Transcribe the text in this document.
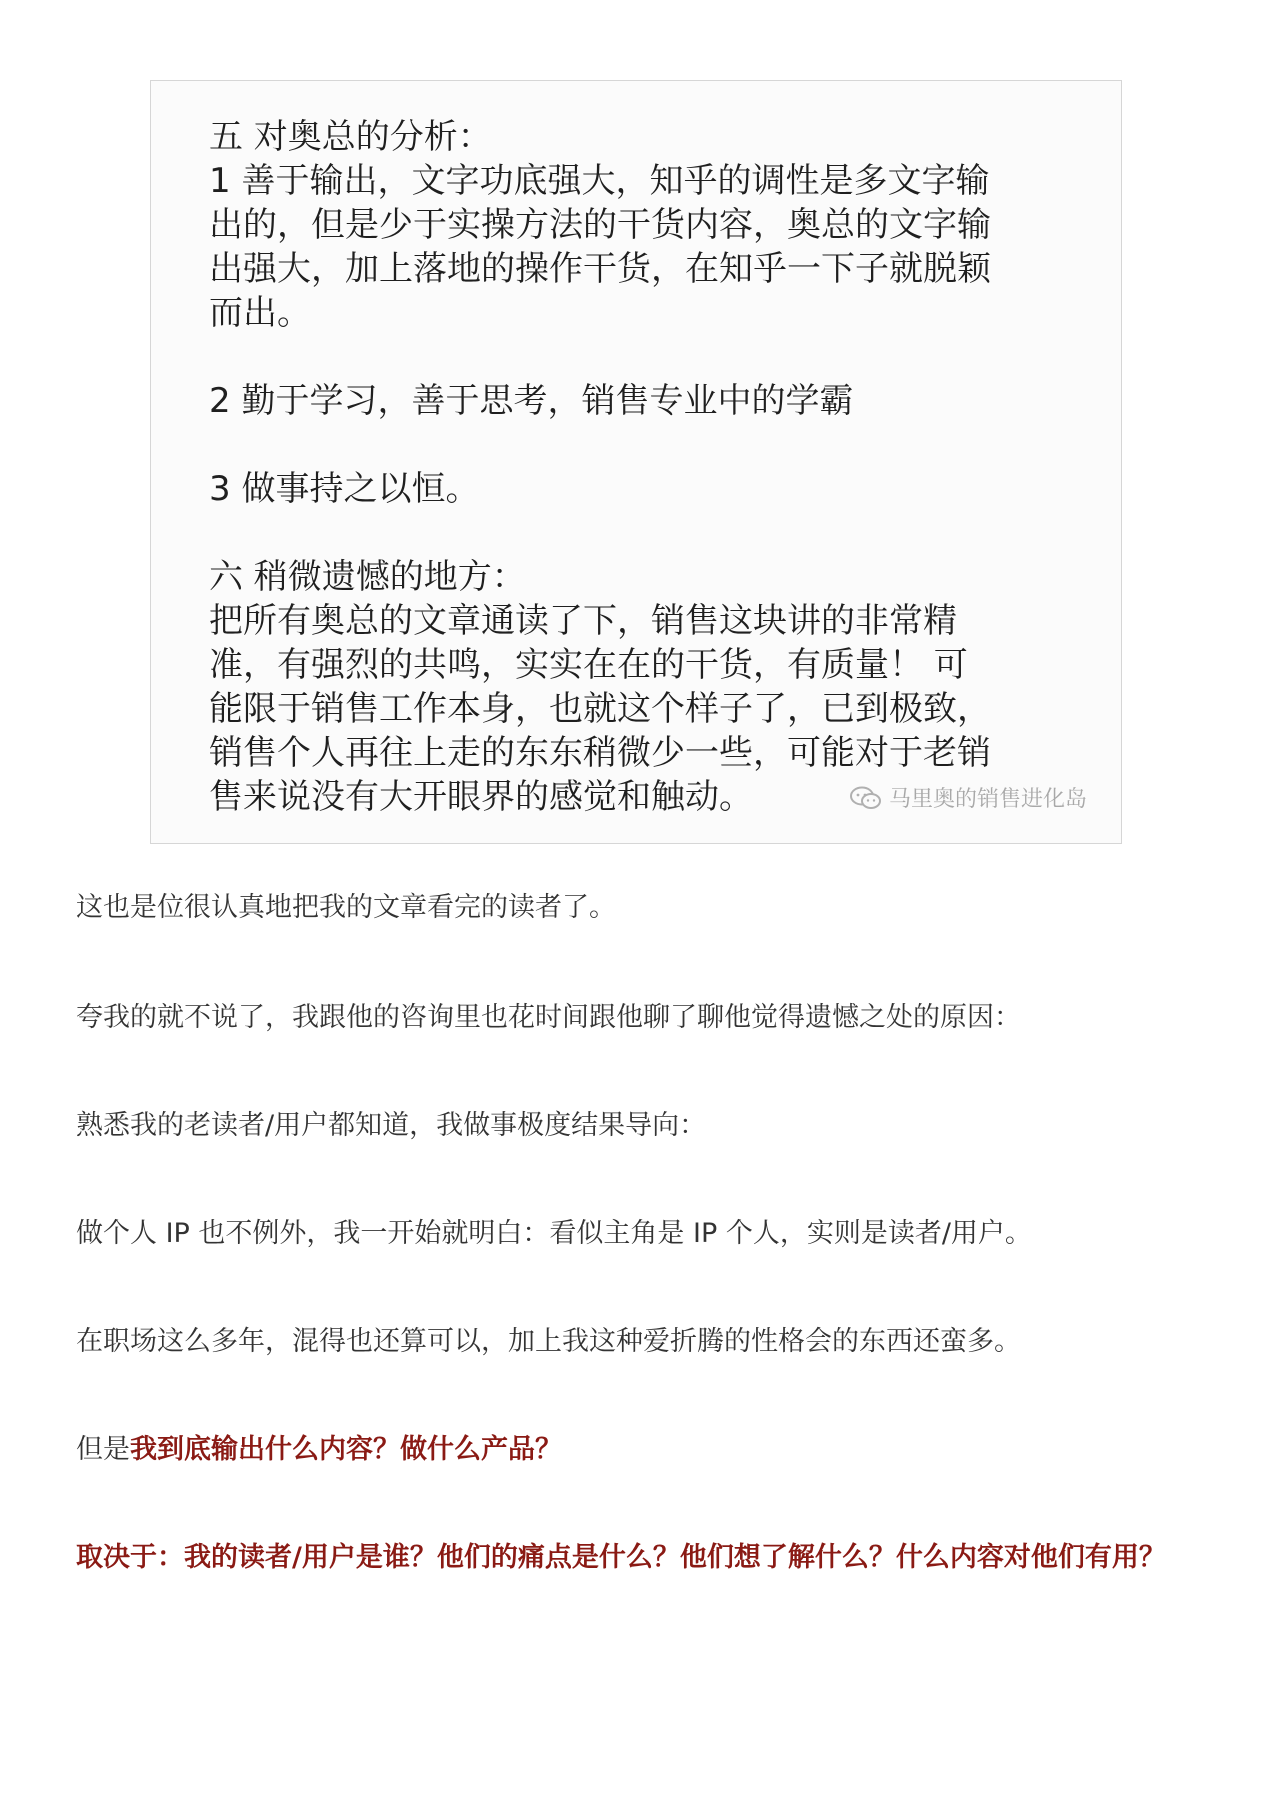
五 对奥总的分析：
1 善于输出，文字功底强大，知乎的调性是多文字输
出的，但是少于实操方法的干货内容，奥总的文字输
出强大，加上落地的操作干货，在知乎一下子就脱颖
而出。
2 勤于学习，善于思考，销售专业中的学霸
3 做事持之以恒。
六 稍微遗憾的地方：
把所有奥总的文章通读了下，销售这块讲的非常精
准，有强烈的共鸣，实实在在的干货，有质量！ 可
能限于销售工作本身，也就这个样子了，已到极致，
销售个人再往上走的东东稍微少一些，可能对于老销
售来说没有大开眼界的感觉和触动。	马里奥的销售进化岛
这也是位很认真地把我的文章看完的读者了。
夸我的就不说了，我跟他的咨询里也花时间跟他聊了聊他觉得遗憾之处的原因：
熟悉我的老读者/用户都知道，我做事极度结果导向：
做个人 IP 也不例外，我一开始就明白：看似主角是 IP 个人，实则是读者/用户。
在职场这么多年，混得也还算可以，加上我这种爱折腾的性格会的东西还蛮多。
但是我到底输出什么内容？做什么产品？
取决于：我的读者/用户是谁？他们的痛点是什么？他们想了解什么？什么内容对他们有用？
